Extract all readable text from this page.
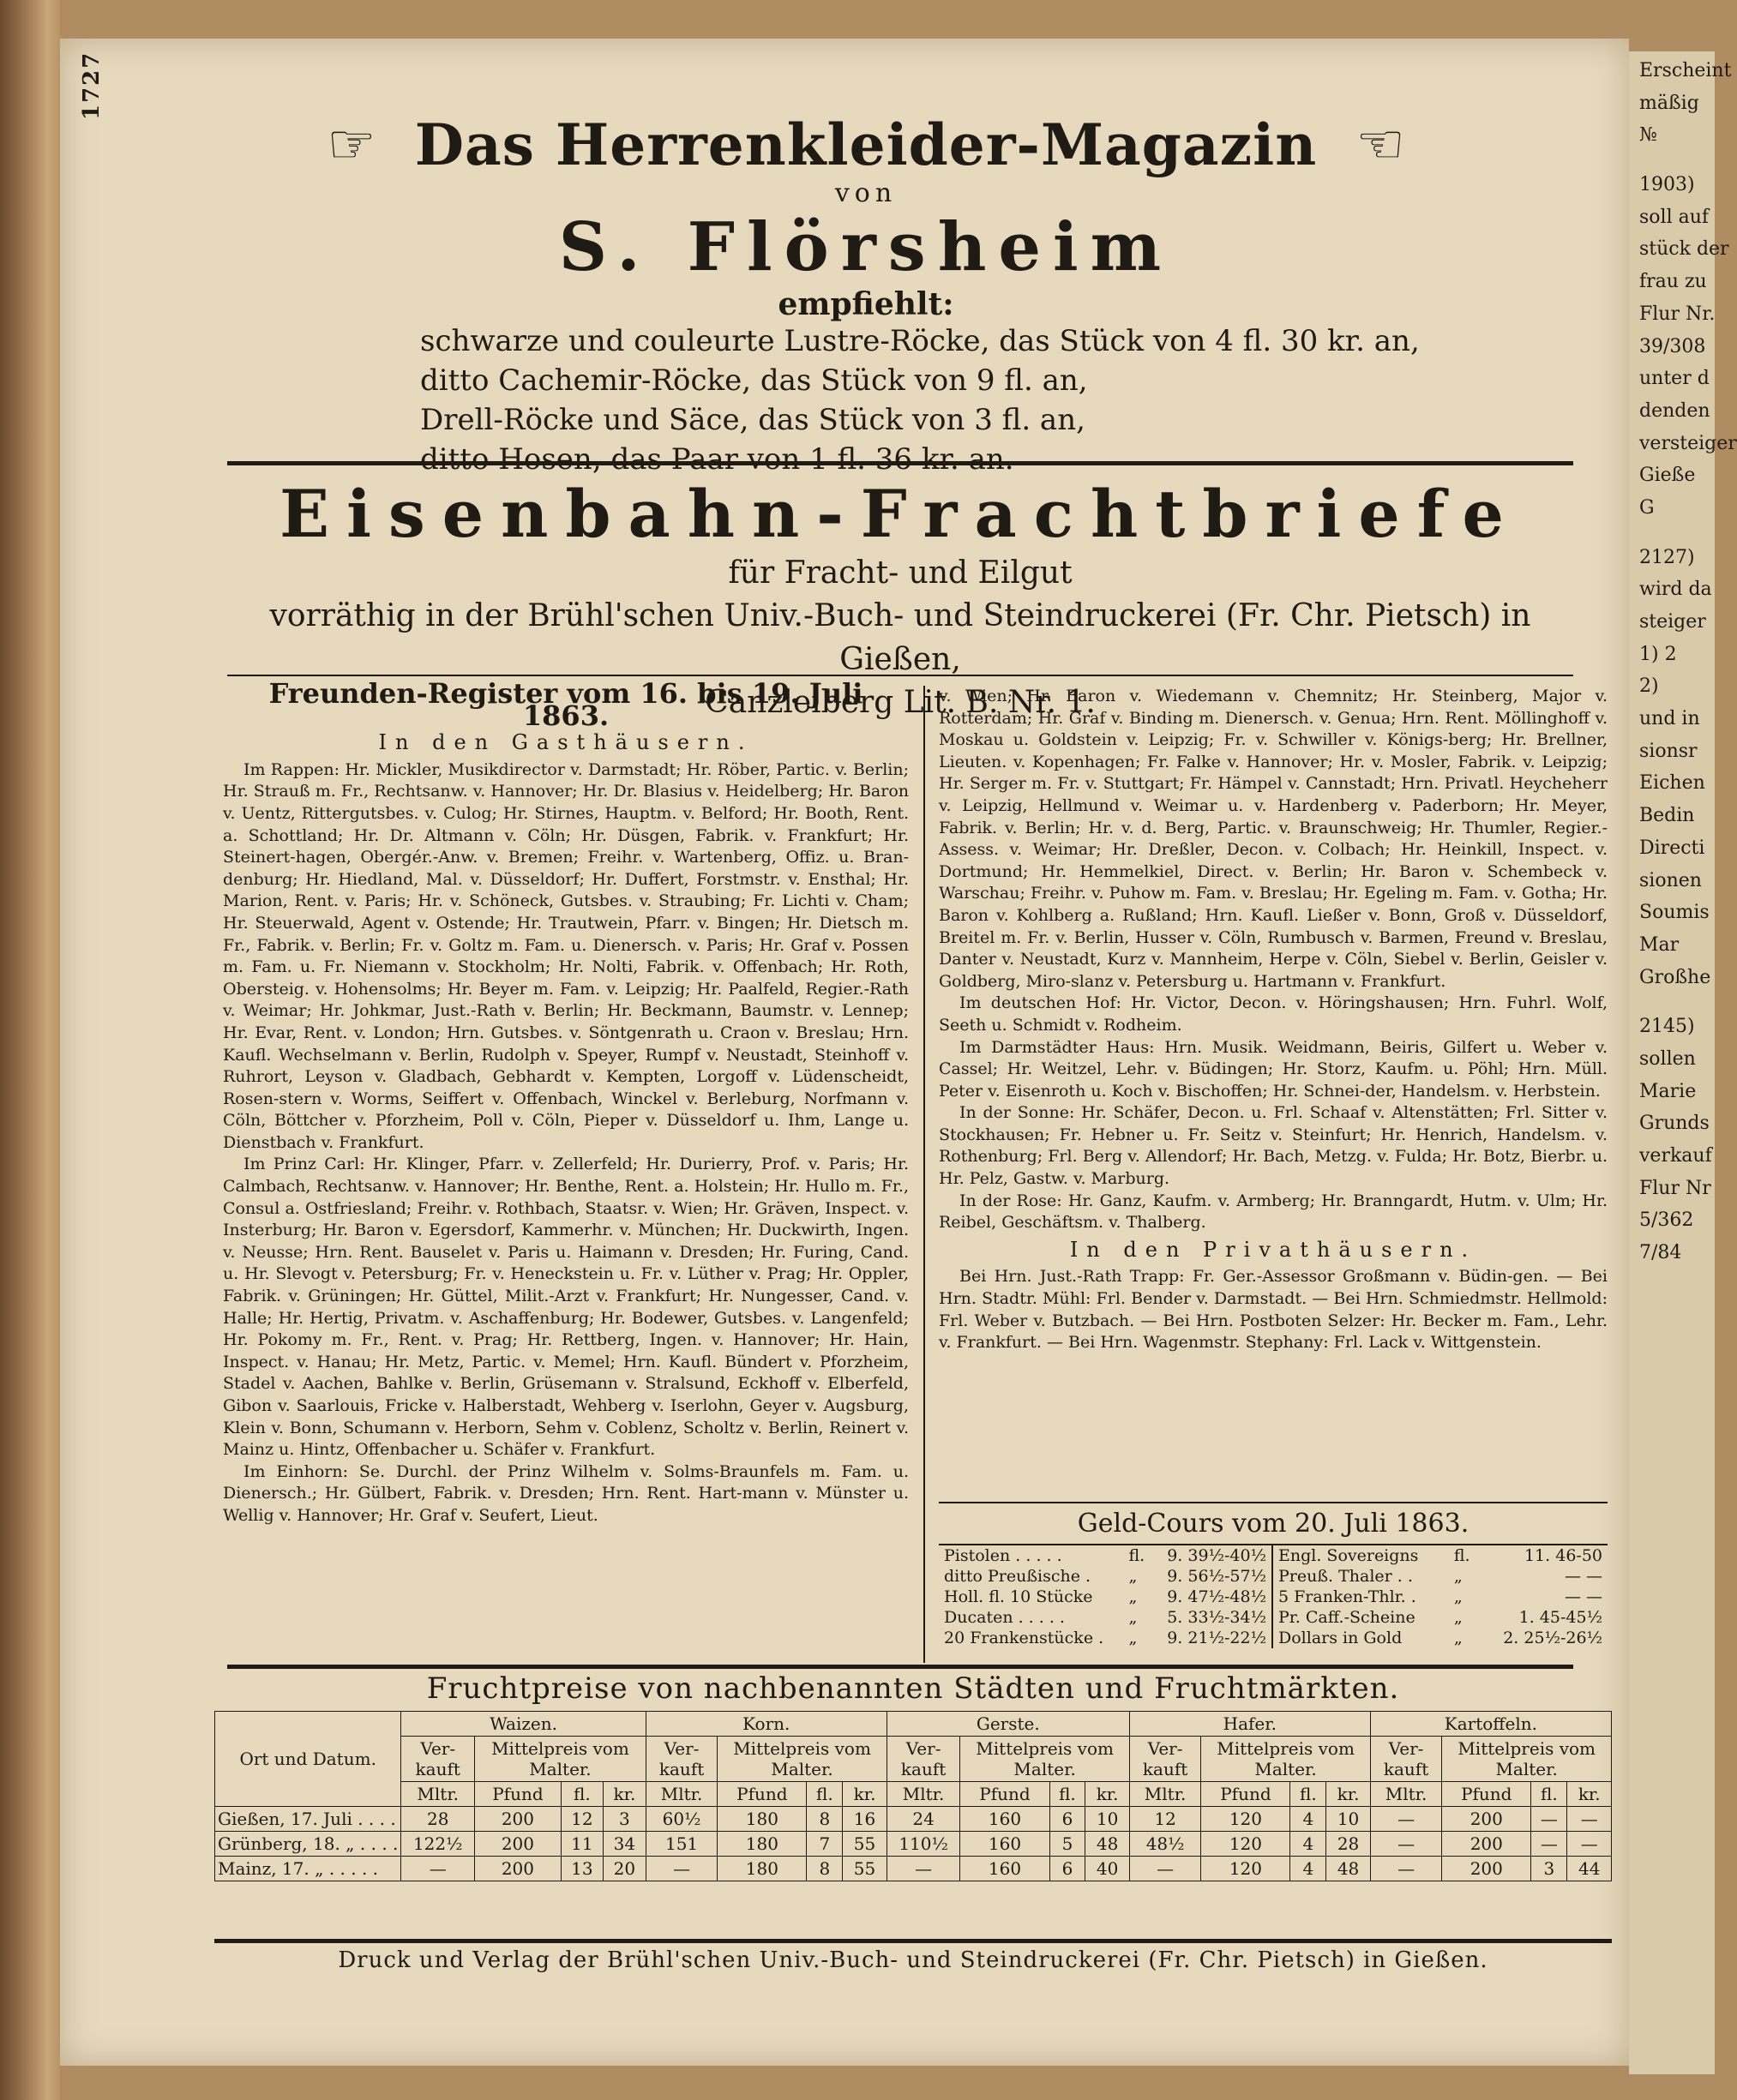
1727	Erscheint
mäßig
№
1903)
soll auf
stück der
frau zu
Flur Nr.
39/308
unter d
denden
versteiger
Gieße
G
2127)
wird da
steiger
1) 2
2)
und in
sionsr
Eichen
Bedin
Directi
sionen
Soumis
Mar
Großhe
2145)
sollen
Marie
Grunds
verkauf
Flur Nr
5/362
7/84
☞ Das Herrenkleider-Magazin ☜
von
S. Flörsheim
empfiehlt:
schwarze und couleurte Lustre-Röcke, das Stück von 4 fl. 30 kr. an,
ditto Cachemir-Röcke, das Stück von 9 fl. an,
Drell-Röcke und Säce, das Stück von 3 fl. an,
ditto Hosen, das Paar von 1 fl. 36 kr. an.
Eisenbahn-Frachtbriefe
für Fracht- und Eilgut
vorräthig in der Brühl'schen Univ.-Buch- und Steindruckerei (Fr. Chr. Pietsch) in Gießen,
Canzleiberg Lit. B. Nr. 1.
Freunden-Register vom 16. bis 19. Juli 1863.
In den Gasthäusern.

Im Rappen: Hr. Mickler, Musikdirector v. Darmstadt; Hr. Röber, Partic. v. Berlin; Hr. Strauß m. Fr., Rechtsanw. v. Hannover; Hr. Dr. Blasius v. Heidelberg; Hr. Baron v. Uentz, Rittergutsbes. v. Culog; Hr. Stirnes, Hauptm. v. Belford; Hr. Booth, Rent. a. Schottland; Hr. Dr. Altmann v. Cöln; Hr. Düsgen, Fabrik. v. Frankfurt; Hr. Steinert-hagen, Obergér.-Anw. v. Bremen; Freihr. v. Wartenberg, Offiz. u. Bran-denburg; Hr. Hiedland, Mal. v. Düsseldorf; Hr. Duffert, Forstmstr. v. Ensthal; Hr. Marion, Rent. v. Paris; Hr. v. Schöneck, Gutsbes. v. Straubing; Fr. Lichti v. Cham; Hr. Steuerwald, Agent v. Ostende; Hr. Trautwein, Pfarr. v. Bingen; Hr. Dietsch m. Fr., Fabrik. v. Berlin; Fr. v. Goltz m. Fam. u. Dienersch. v. Paris; Hr. Graf v. Possen m. Fam. u. Fr. Niemann v. Stockholm; Hr. Nolti, Fabrik. v. Offenbach; Hr. Roth, Obersteig. v. Hohensolms; Hr. Beyer m. Fam. v. Leipzig; Hr. Paalfeld, Regier.-Rath v. Weimar; Hr. Johkmar, Just.-Rath v. Berlin; Hr. Beckmann, Baumstr. v. Lennep; Hr. Evar, Rent. v. London; Hrn. Gutsbes. v. Söntgenrath u. Craon v. Breslau; Hrn. Kaufl. Wechselmann v. Berlin, Rudolph v. Speyer, Rumpf v. Neustadt, Steinhoff v. Ruhrort, Leyson v. Gladbach, Gebhardt v. Kempten, Lorgoff v. Lüdenscheidt, Rosen-stern v. Worms, Seiffert v. Offenbach, Winckel v. Berleburg, Norfmann v. Cöln, Böttcher v. Pforzheim, Poll v. Cöln, Pieper v. Düsseldorf u. Ihm, Lange u. Dienstbach v. Frankfurt.

Im Prinz Carl: Hr. Klinger, Pfarr. v. Zellerfeld; Hr. Durierry, Prof. v. Paris; Hr. Calmbach, Rechtsanw. v. Hannover; Hr. Benthe, Rent. a. Holstein; Hr. Hullo m. Fr., Consul a. Ostfriesland; Freihr. v. Rothbach, Staatsr. v. Wien; Hr. Gräven, Inspect. v. Insterburg; Hr. Baron v. Egersdorf, Kammerhr. v. München; Hr. Duckwirth, Ingen. v. Neusse; Hrn. Rent. Bauselet v. Paris u. Haimann v. Dresden; Hr. Furing, Cand. u. Hr. Slevogt v. Petersburg; Fr. v. Heneckstein u. Fr. v. Lüther v. Prag; Hr. Oppler, Fabrik. v. Grüningen; Hr. Güttel, Milit.-Arzt v. Frankfurt; Hr. Nungesser, Cand. v. Halle; Hr. Hertig, Privatm. v. Aschaffenburg; Hr. Bodewer, Gutsbes. v. Langenfeld; Hr. Pokomy m. Fr., Rent. v. Prag; Hr. Rettberg, Ingen. v. Hannover; Hr. Hain, Inspect. v. Hanau; Hr. Metz, Partic. v. Memel; Hrn. Kaufl. Bündert v. Pforzheim, Stadel v. Aachen, Bahlke v. Berlin, Grüsemann v. Stralsund, Eckhoff v. Elberfeld, Gibon v. Saarlouis, Fricke v. Halberstadt, Wehberg v. Iserlohn, Geyer v. Augsburg, Klein v. Bonn, Schumann v. Herborn, Sehm v. Coblenz, Scholtz v. Berlin, Reinert v. Mainz u. Hintz, Offenbacher u. Schäfer v. Frankfurt.

Im Einhorn: Se. Durchl. der Prinz Wilhelm v. Solms-Braunfels m. Fam. u. Dienersch.; Hr. Gülbert, Fabrik. v. Dresden; Hrn. Rent. Hart-mann v. Münster u. Wellig v. Hannover; Hr. Graf v. Seufert, Lieut.

v. Wien; Hr. Baron v. Wiedemann v. Chemnitz; Hr. Steinberg, Major v. Rotterdam; Hr. Graf v. Binding m. Dienersch. v. Genua; Hrn. Rent. Möllinghoff v. Moskau u. Goldstein v. Leipzig; Fr. v. Schwiller v. Königs-berg; Hr. Brellner, Lieuten. v. Kopenhagen; Fr. Falke v. Hannover; Hr. v. Mosler, Fabrik. v. Leipzig; Hr. Serger m. Fr. v. Stuttgart; Fr. Hämpel v. Cannstadt; Hrn. Privatl. Heycheherr v. Leipzig, Hellmund v. Weimar u. v. Hardenberg v. Paderborn; Hr. Meyer, Fabrik. v. Berlin; Hr. v. d. Berg, Partic. v. Braunschweig; Hr. Thumler, Regier.-Assess. v. Weimar; Hr. Dreßler, Decon. v. Colbach; Hr. Heinkill, Inspect. v. Dortmund; Hr. Hemmelkiel, Direct. v. Berlin; Hr. Baron v. Schembeck v. Warschau; Freihr. v. Puhow m. Fam. v. Breslau; Hr. Egeling m. Fam. v. Gotha; Hr. Baron v. Kohlberg a. Rußland; Hrn. Kaufl. Ließer v. Bonn, Groß v. Düsseldorf, Breitel m. Fr. v. Berlin, Husser v. Cöln, Rumbusch v. Barmen, Freund v. Breslau, Danter v. Neustadt, Kurz v. Mannheim, Herpe v. Cöln, Siebel v. Berlin, Geisler v. Goldberg, Miro-slanz v. Petersburg u. Hartmann v. Frankfurt.

Im deutschen Hof: Hr. Victor, Decon. v. Höringshausen; Hrn. Fuhrl. Wolf, Seeth u. Schmidt v. Rodheim.

Im Darmstädter Haus: Hrn. Musik. Weidmann, Beiris, Gilfert u. Weber v. Cassel; Hr. Weitzel, Lehr. v. Büdingen; Hr. Storz, Kaufm. u. Pöhl; Hrn. Müll. Peter v. Eisenroth u. Koch v. Bischoffen; Hr. Schnei-der, Handelsm. v. Herbstein.

In der Sonne: Hr. Schäfer, Decon. u. Frl. Schaaf v. Altenstätten; Frl. Sitter v. Stockhausen; Fr. Hebner u. Fr. Seitz v. Steinfurt; Hr. Henrich, Handelsm. v. Rothenburg; Frl. Berg v. Allendorf; Hr. Bach, Metzg. v. Fulda; Hr. Botz, Bierbr. u. Hr. Pelz, Gastw. v. Marburg.

In der Rose: Hr. Ganz, Kaufm. v. Armberg; Hr. Branngardt, Hutm. v. Ulm; Hr. Reibel, Geschäftsm. v. Thalberg.

In den Privathäusern.

Bei Hrn. Just.-Rath Trapp: Fr. Ger.-Assessor Großmann v. Büdin-gen. — Bei Hrn. Stadtr. Mühl: Frl. Bender v. Darmstadt. — Bei Hrn. Schmiedmstr. Hellmold: Frl. Weber v. Butzbach. — Bei Hrn. Postboten Selzer: Hr. Becker m. Fam., Lehr. v. Frankfurt. — Bei Hrn. Wagenmstr. Stephany: Frl. Lack v. Wittgenstein.

Geld-Cours vom 20. Juli 1863.
Pistolen . . . . .	fl.	9. 39½-40½
ditto Preußische .	„	9. 56½-57½
Holl. fl. 10 Stücke	„	9. 47½-48½
Ducaten . . . . .	„	5. 33½-34½
20 Frankenstücke .	„	9. 21½-22½
Engl. Sovereigns	fl.	11. 46-50
Preuß. Thaler . .	„	— —
5 Franken-Thlr. .	„	— —
Pr. Caff.-Scheine	„	1. 45-45½
Dollars in Gold	„	2. 25½-26½
Fruchtpreise von nachbenannten Städten und Fruchtmärkten.
Ort und Datum.	Waizen.				Korn.				Gerste.				Hafer.				Kartoffeln.			
	Ver-kauft	Mittelpreis vom Malter.			Ver-kauft	Mittelpreis vom Malter.			Ver-kauft	Mittelpreis vom Malter.			Ver-kauft	Mittelpreis vom Malter.			Ver-kauft	Mittelpreis vom Malter.		
	Mltr.	Pfund	fl.	kr.	Mltr.	Pfund	fl.	kr.	Mltr.	Pfund	fl.	kr.	Mltr.	Pfund	fl.	kr.	Mltr.	Pfund	fl.	kr.
Gießen, 17. Juli . . . .	28	200	12	3	60½	180	8	16	24	160	6	10	12	120	4	10	—	200	—	—
Grünberg, 18. „ . . . .	122½	200	11	34	151	180	7	55	110½	160	5	48	48½	120	4	28	—	200	—	—
Mainz, 17. „ . . . . .	—	200	13	20	—	180	8	55	—	160	6	40	—	120	4	48	—	200	3	44
Druck und Verlag der Brühl'schen Univ.-Buch- und Steindruckerei (Fr. Chr. Pietsch) in Gießen.
